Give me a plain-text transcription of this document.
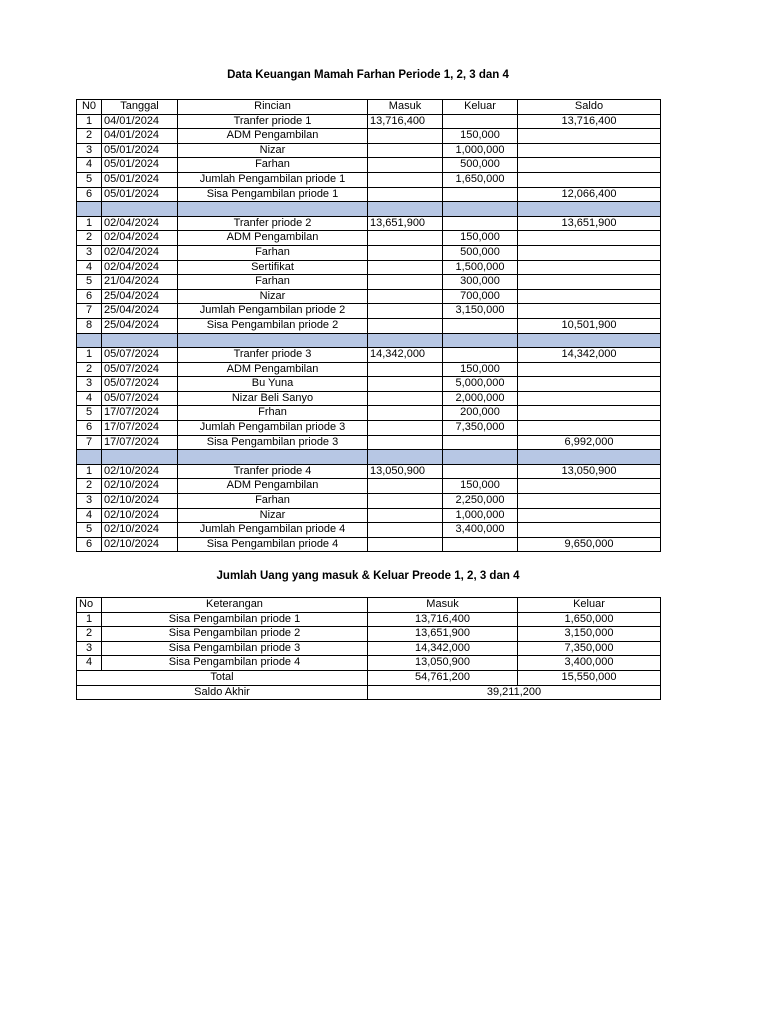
Data Keuangan Mamah Farhan Periode 1, 2, 3 dan 4
N0	Tanggal	Rincian	Masuk	Keluar	Saldo
1	04/01/2024	Tranfer priode 1	13,716,400		13,716,400
2	04/01/2024	ADM Pengambilan		150,000	
3	05/01/2024	Nizar		1,000,000	
4	05/01/2024	Farhan		500,000	
5	05/01/2024	Jumlah Pengambilan priode 1		1,650,000	
6	05/01/2024	Sisa Pengambilan priode 1			12,066,400

1	02/04/2024	Tranfer priode 2	13,651,900		13,651,900
2	02/04/2024	ADM Pengambilan		150,000	
3	02/04/2024	Farhan		500,000	
4	02/04/2024	Sertifikat		1,500,000	
5	21/04/2024	Farhan		300,000	
6	25/04/2024	Nizar		700,000	
7	25/04/2024	Jumlah Pengambilan priode 2		3,150,000	
8	25/04/2024	Sisa Pengambilan priode 2			10,501,900

1	05/07/2024	Tranfer priode 3	14,342,000		14,342,000
2	05/07/2024	ADM Pengambilan		150,000	
3	05/07/2024	Bu Yuna		5,000,000	
4	05/07/2024	Nizar Beli Sanyo		2,000,000	
5	17/07/2024	Frhan		200,000	
6	17/07/2024	Jumlah Pengambilan priode 3		7,350,000	
7	17/07/2024	Sisa Pengambilan priode 3			6,992,000

1	02/10/2024	Tranfer priode 4	13,050,900		13,050,900
2	02/10/2024	ADM Pengambilan		150,000	
3	02/10/2024	Farhan		2,250,000	
4	02/10/2024	Nizar		1,000,000	
5	02/10/2024	Jumlah Pengambilan priode 4		3,400,000	
6	02/10/2024	Sisa Pengambilan priode 4			9,650,000
Jumlah Uang yang masuk & Keluar Preode 1, 2, 3 dan 4
No	Keterangan	Masuk	Keluar
1	Sisa Pengambilan priode 1	13,716,400	1,650,000
2	Sisa Pengambilan priode 2	13,651,900	3,150,000
3	Sisa Pengambilan priode 3	14,342,000	7,350,000
4	Sisa Pengambilan priode 4	13,050,900	3,400,000
Total		54,761,200	15,550,000
Saldo Akhir		39,211,200	
